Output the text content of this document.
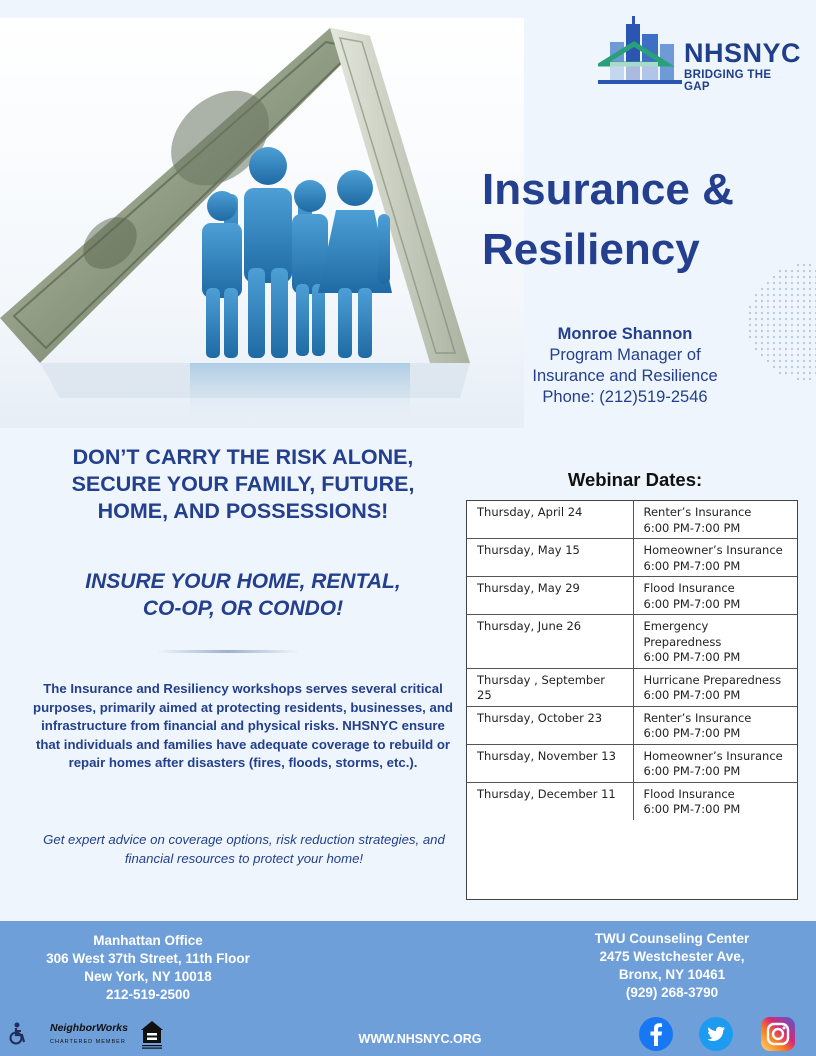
NHSNYC
BRIDGING THE GAP
Insurance &
Resiliency
Monroe Shannon
Program Manager of
Insurance and Resilience
Phone: (212)519-2546
DON’T CARRY THE RISK ALONE,
SECURE YOUR FAMILY, FUTURE,
HOME, AND POSSESSIONS!
INSURE YOUR HOME, RENTAL,
CO-OP, OR CONDO!
The Insurance and Resiliency workshops serves several critical purposes, primarily aimed at protecting residents, businesses, and infrastructure from financial and physical risks. NHSNYC ensure that individuals and families have adequate coverage to rebuild or repair homes after disasters (fires, floods, storms, etc.).
Get expert advice on coverage options, risk reduction strategies, and financial resources to protect your home!
Webinar Dates:
Thursday, April 24	Renter’s Insurance
6:00 PM-7:00 PM

Thursday, May 15	Homeowner’s Insurance
6:00 PM-7:00 PM

Thursday, May 29	Flood Insurance
6:00 PM-7:00 PM

Thursday, June 26	Emergency Preparedness
6:00 PM-7:00 PM

Thursday , September 25	Hurricane Preparedness
6:00 PM-7:00 PM

Thursday, October 23	Renter’s Insurance
6:00 PM-7:00 PM

Thursday, November 13	Homeowner’s Insurance
6:00 PM-7:00 PM

Thursday, December 11	Flood Insurance
6:00 PM-7:00 PM
Manhattan Office
306 West 37th Street, 11th Floor
New York, NY 10018
212-519-2500
TWU Counseling Center
2475 Westchester Ave,
Bronx, NY 10461
(929) 268-3790
NeighborWorks
CHARTERED MEMBER	WWW.NHSNYC.ORG
